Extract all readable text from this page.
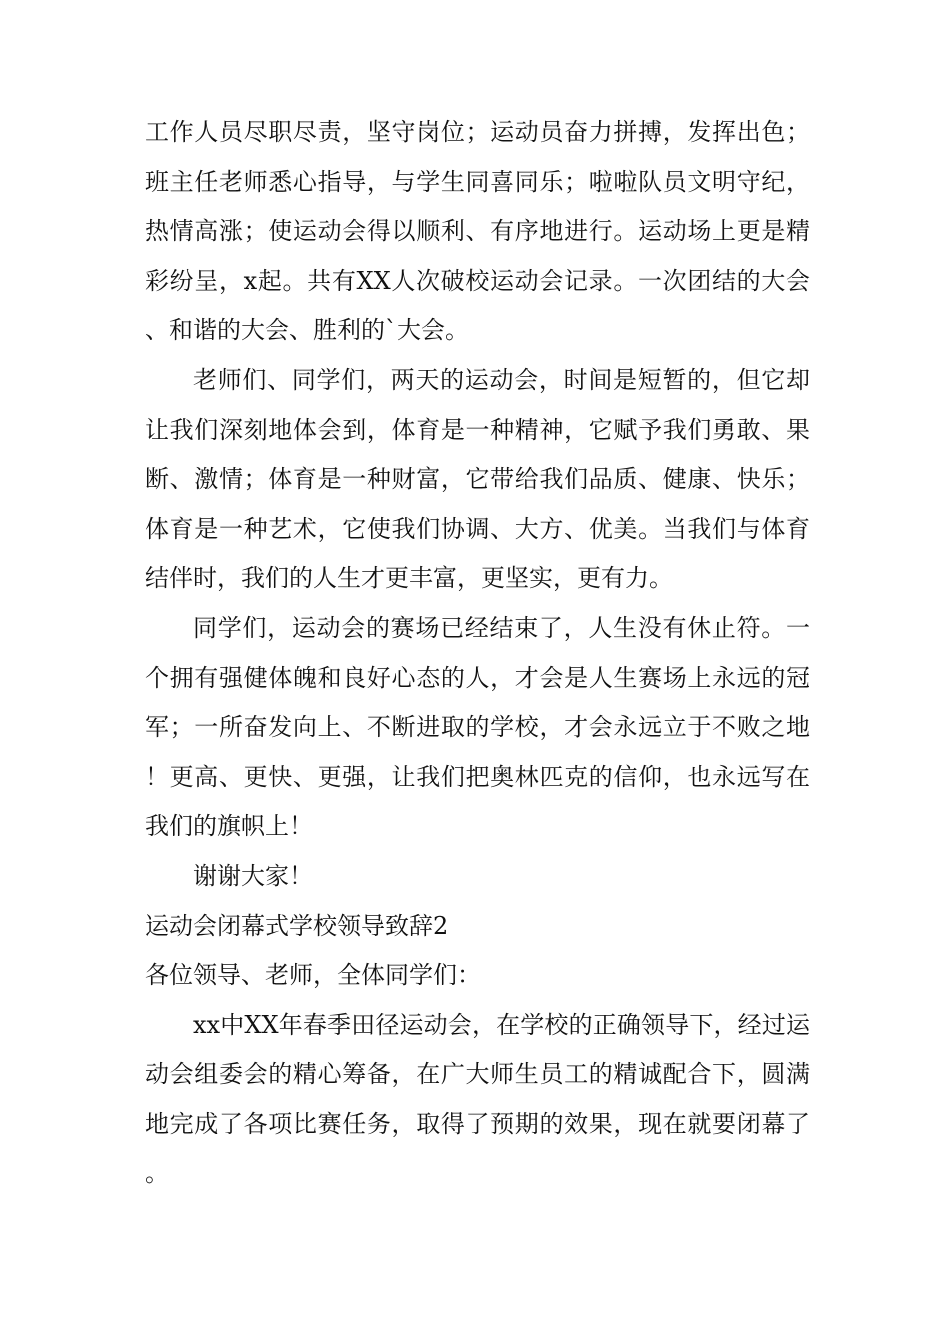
工作人员尽职尽责，坚守岗位；运动员奋力拼搏，发挥出色；班主任老师悉心指导，与学生同喜同乐；啦啦队员文明守纪，热情高涨；使运动会得以顺利、有序地进行。运动场上更是精彩纷呈，x起。共有XX人次破校运动会记录。一次团结的大会、和谐的大会、胜利的`大会。

老师们、同学们，两天的运动会，时间是短暂的，但它却让我们深刻地体会到，体育是一种精神，它赋予我们勇敢、果断、激情；体育是一种财富，它带给我们品质、健康、快乐；体育是一种艺术，它使我们协调、大方、优美。当我们与体育结伴时，我们的人生才更丰富，更坚实，更有力。

同学们，运动会的赛场已经结束了，人生没有休止符。一个拥有强健体魄和良好心态的人，才会是人生赛场上永远的冠军；一所奋发向上、不断进取的学校，才会永远立于不败之地！更高、更快、更强，让我们把奥林匹克的信仰，也永远写在我们的旗帜上！

谢谢大家！

运动会闭幕式学校领导致辞2

各位领导、老师，全体同学们：

xx中XX年春季田径运动会，在学校的正确领导下，经过运动会组委会的精心筹备，在广大师生员工的精诚配合下，圆满地完成了各项比赛任务，取得了预期的效果，现在就要闭幕了。
